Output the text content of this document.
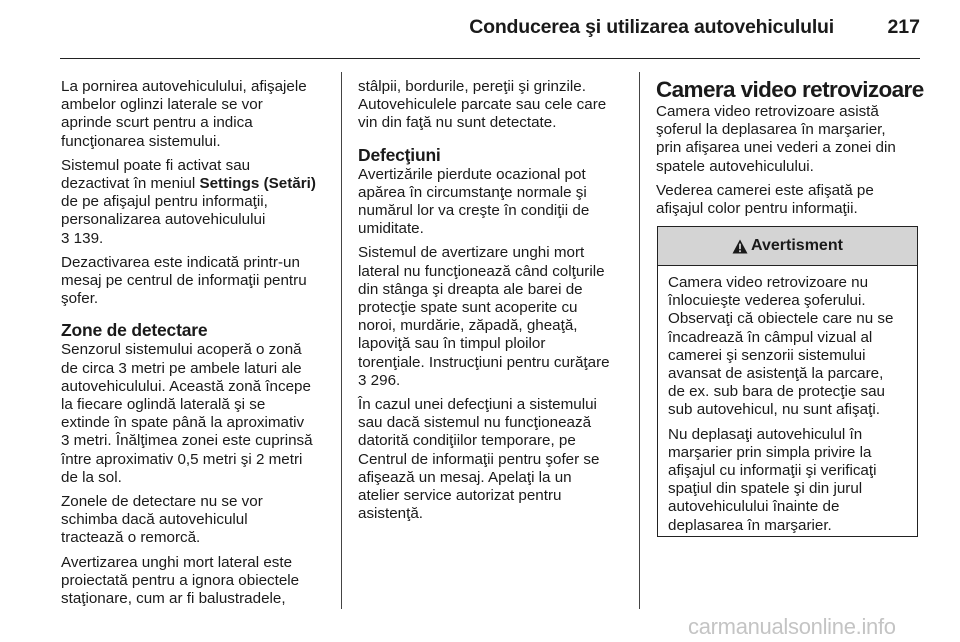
Conducerea şi utilizarea autovehiculului	217

La pornirea autovehiculului, afişajele
ambelor oglinzi laterale se vor
aprinde scurt pentru a indica
funcţionarea sistemului.

Sistemul poate fi activat sau
dezactivat în meniul Settings (Setări)
de pe afişajul pentru informaţii,
personalizarea autovehiculului
3 139.

Dezactivarea este indicată printr-un
mesaj pe centrul de informaţii pentru
şofer.

Zone de detectare

Senzorul sistemului acoperă o zonă
de circa 3 metri pe ambele laturi ale
autovehiculului. Această zonă începe
la fiecare oglindă laterală şi se
extinde în spate până la aproximativ
3 metri. Înălţimea zonei este cuprinsă
între aproximativ 0,5 metri şi 2 metri
de la sol.

Zonele de detectare nu se vor
schimba dacă autovehiculul
tractează o remorcă.

Avertizarea unghi mort lateral este
proiectată pentru a ignora obiectele
staţionare, cum ar fi balustradele,

stâlpii, bordurile, pereţii şi grinzile.
Autovehiculele parcate sau cele care
vin din faţă nu sunt detectate.

Defecţiuni

Avertizările pierdute ocazional pot
apărea în circumstanţe normale şi
numărul lor va creşte în condiţii de
umiditate.

Sistemul de avertizare unghi mort
lateral nu funcţionează când colţurile
din stânga şi dreapta ale barei de
protecţie spate sunt acoperite cu
noroi, murdărie, zăpadă, gheaţă,
lapoviţă sau în timpul ploilor
torenţiale. Instrucţiuni pentru curăţare
3 296.

În cazul unei defecţiuni a sistemului
sau dacă sistemul nu funcţionează
datorită condiţiilor temporare, pe
Centrul de informaţii pentru şofer se
afişează un mesaj. Apelaţi la un
atelier service autorizat pentru
asistenţă.

Camera video retrovizoare

Camera video retrovizoare asistă
şoferul la deplasarea în marşarier,
prin afişarea unei vederi a zonei din
spatele autovehiculului.

Vederea camerei este afişată pe
afişajul color pentru informaţii.

Avertisment

Camera video retrovizoare nu
înlocuieşte vederea şoferului.
Observaţi că obiectele care nu se
încadrează în câmpul vizual al
camerei şi senzorii sistemului
avansat de asistenţă la parcare,
de ex. sub bara de protecţie sau
sub autovehicul, nu sunt afişaţi.

Nu deplasaţi autovehiculul în
marşarier prin simpla privire la
afişajul cu informaţii şi verificaţi
spaţiul din spatele şi din jurul
autovehiculului înainte de
deplasarea în marşarier.

carmanualsonline.info
